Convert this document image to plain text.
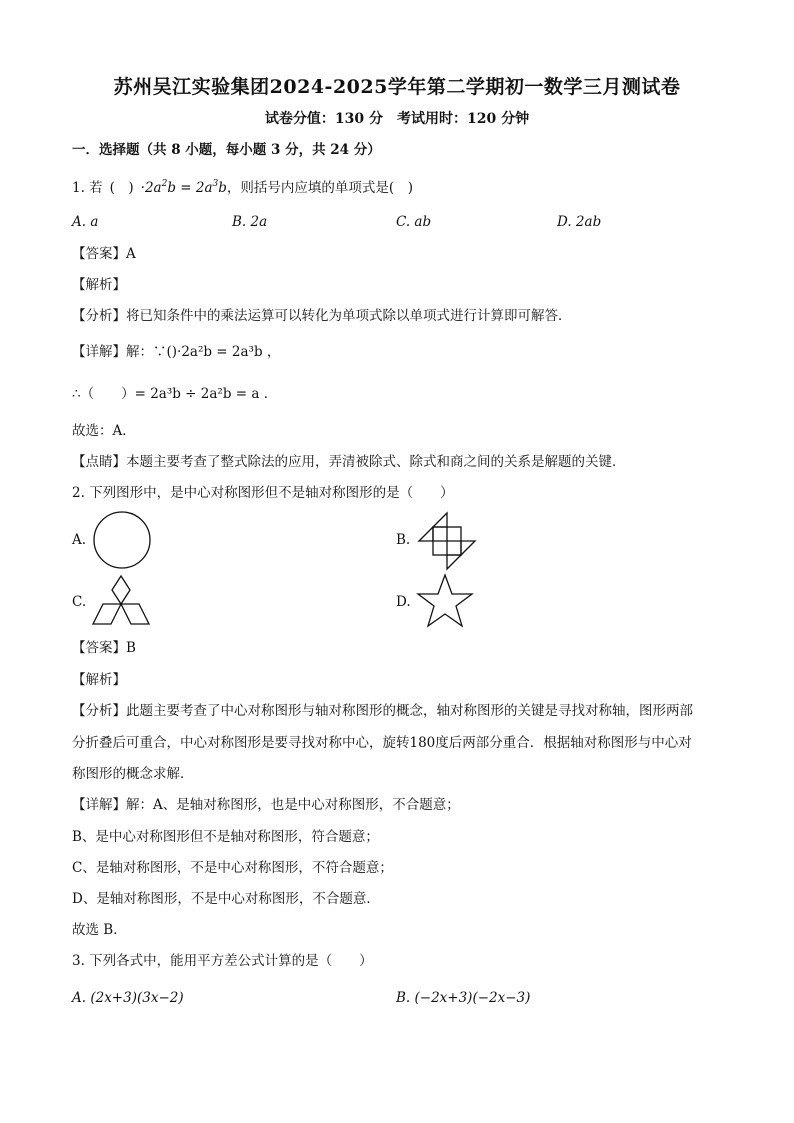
苏州吴江实验集团2024-2025学年第二学期初一数学三月测试卷
试卷分值：130 分　考试用时：120 分钟
一．选择题（共 8 小题，每小题 3 分，共 24 分）
1. 若 (　) $\cdot 2a^2b = 2a^3b$，则括号内应填的单项式是(　)
A. a	B. 2a	C. ab	D. 2ab
【答案】A
【解析】
【分析】将已知条件中的乘法运算可以转化为单项式除以单项式进行计算即可解答．
【详解】解：∵()·2a²b = 2a³b ，
∴（　　）= 2a³b ÷ 2a²b = a ．
故选：A．
【点睛】本题主要考查了整式除法的应用，弄清被除式、除式和商之间的关系是解题的关键．
2. 下列图形中，是中心对称图形但不是轴对称图形的是（　　）
A.	B.
C.	D.
【答案】B
【解析】
【分析】此题主要考查了中心对称图形与轴对称图形的概念，轴对称图形的关键是寻找对称轴，图形两部
分折叠后可重合，中心对称图形是要寻找对称中心，旋转180度后两部分重合．根据轴对称图形与中心对
称图形的概念求解．
【详解】解：A、是轴对称图形，也是中心对称图形，不合题意；
B、是中心对称图形但不是轴对称图形，符合题意；
C、是轴对称图形，不是中心对称图形，不符合题意；
D、是轴对称图形，不是中心对称图形，不合题意．
故选 B．
3. 下列各式中，能用平方差公式计算的是（　　）
A. (2x+3)(3x−2)	B. (−2x+3)(−2x−3)
